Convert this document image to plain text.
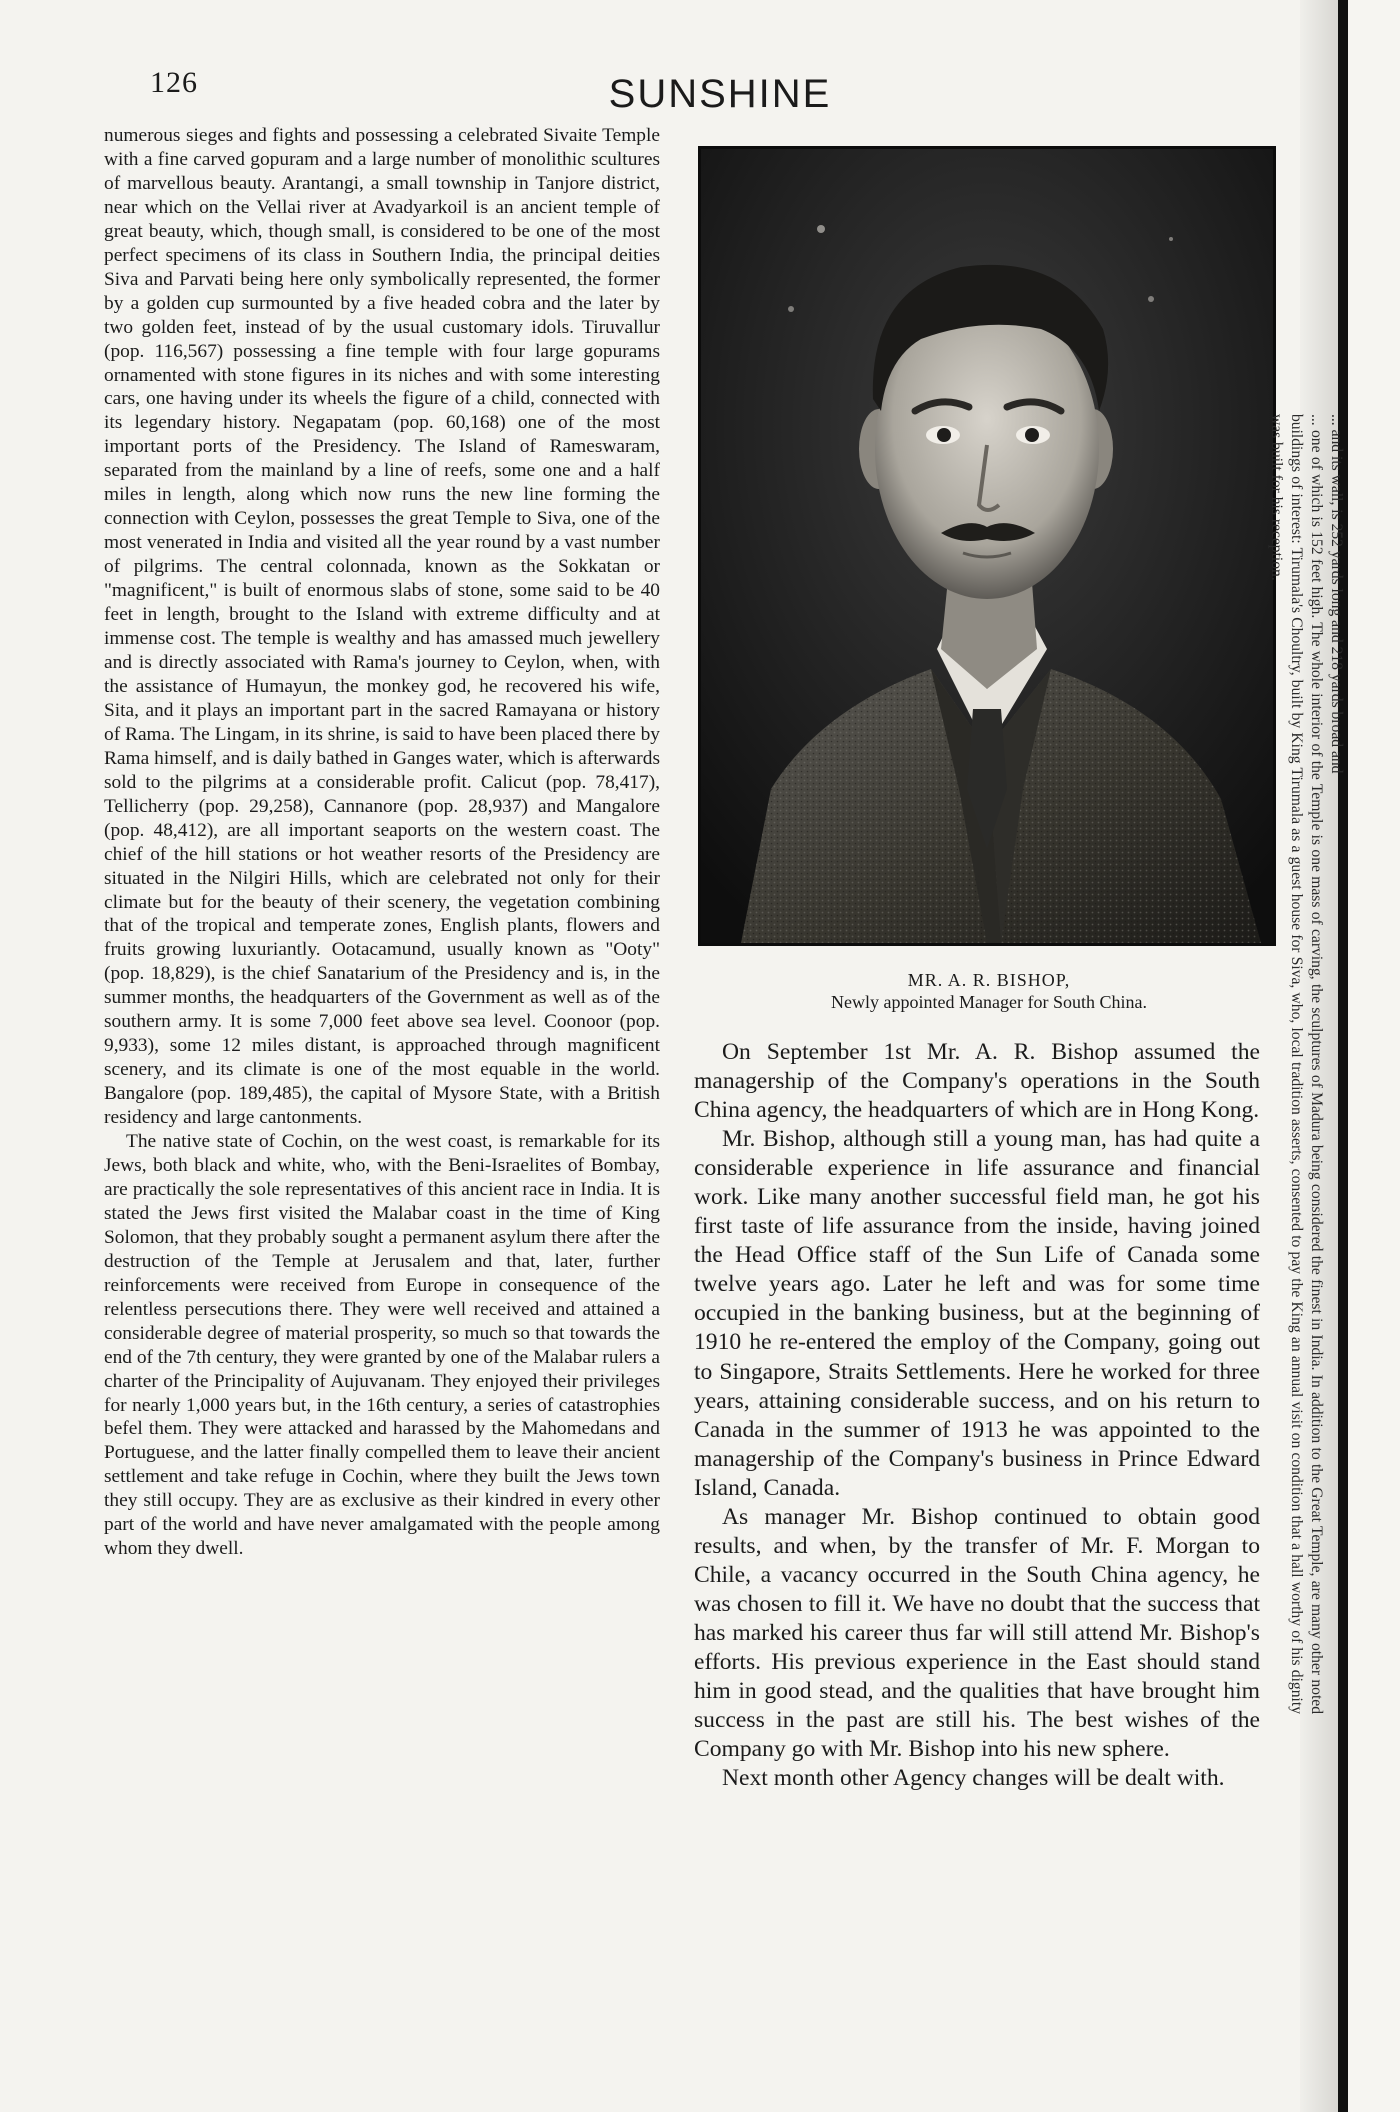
126	SUNSHINE

numerous sieges and fights and possessing a celebrated Sivaite Temple with a fine carved gopuram and a large number of monolithic scultures of marvellous beauty. Arantangi, a small township in Tanjore district, near which on the Vellai river at Avadyarkoil is an ancient temple of great beauty, which, though small, is considered to be one of the most perfect specimens of its class in Southern India, the principal deities Siva and Parvati being here only symbolically represented, the former by a golden cup surmounted by a five headed cobra and the later by two golden feet, instead of by the usual customary idols. Tiruvallur (pop. 116,567) possessing a fine temple with four large gopurams ornamented with stone figures in its niches and with some interesting cars, one having under its wheels the figure of a child, connected with its legendary history. Negapatam (pop. 60,168) one of the most important ports of the Presidency. The Island of Rameswaram, separated from the mainland by a line of reefs, some one and a half miles in length, along which now runs the new line forming the connection with Ceylon, possesses the great Temple to Siva, one of the most venerated in India and visited all the year round by a vast number of pilgrims. The central colonnada, known as the Sokkatan or "magnificent," is built of enormous slabs of stone, some said to be 40 feet in length, brought to the Island with extreme difficulty and at immense cost. The temple is wealthy and has amassed much jewellery and is directly associated with Rama's journey to Ceylon, when, with the assistance of Humayun, the monkey god, he recovered his wife, Sita, and it plays an important part in the sacred Ramayana or history of Rama. The Lingam, in its shrine, is said to have been placed there by Rama himself, and is daily bathed in Ganges water, which is afterwards sold to the pilgrims at a considerable profit. Calicut (pop. 78,417), Tellicherry (pop. 29,258), Cannanore (pop. 28,937) and Mangalore (pop. 48,412), are all important seaports on the western coast. The chief of the hill stations or hot weather resorts of the Presidency are situated in the Nilgiri Hills, which are celebrated not only for their climate but for the beauty of their scenery, the vegetation combining that of the tropical and temperate zones, English plants, flowers and fruits growing luxuriantly. Ootacamund, usually known as "Ooty" (pop. 18,829), is the chief Sanatarium of the Presidency and is, in the summer months, the headquarters of the Government as well as of the southern army. It is some 7,000 feet above sea level. Coonoor (pop. 9,933), some 12 miles distant, is approached through magnificent scenery, and its climate is one of the most equable in the world. Bangalore (pop. 189,485), the capital of Mysore State, with a British residency and large cantonments.

The native state of Cochin, on the west coast, is remarkable for its Jews, both black and white, who, with the Beni-Israelites of Bombay, are practically the sole representatives of this ancient race in India. It is stated the Jews first visited the Malabar coast in the time of King Solomon, that they probably sought a permanent asylum there after the destruction of the Temple at Jerusalem and that, later, further reinforcements were received from Europe in consequence of the relentless persecutions there. They were well received and attained a considerable degree of material prosperity, so much so that towards the end of the 7th century, they were granted by one of the Malabar rulers a charter of the Principality of Aujuvanam. They enjoyed their privileges for nearly 1,000 years but, in the 16th century, a series of catastrophies befel them. They were attacked and harassed by the Mahomedans and Portuguese, and the latter finally compelled them to leave their ancient settlement and take refuge in Cochin, where they built the Jews town they still occupy. They are as exclusive as their kindred in every other part of the world and have never amalgamated with the people among whom they dwell.

MR. A. R. BISHOP,
Newly appointed Manager for South China.

On September 1st Mr. A. R. Bishop assumed the managership of the Company's operations in the South China agency, the headquarters of which are in Hong Kong.

Mr. Bishop, although still a young man, has had quite a considerable experience in life assurance and financial work. Like many another successful field man, he got his first taste of life assurance from the inside, having joined the Head Office staff of the Sun Life of Canada some twelve years ago. Later he left and was for some time occupied in the banking business, but at the beginning of 1910 he re-entered the employ of the Company, going out to Singapore, Straits Settlements. Here he worked for three years, attaining considerable success, and on his return to Canada in the summer of 1913 he was appointed to the managership of the Company's business in Prince Edward Island, Canada.

As manager Mr. Bishop continued to obtain good results, and when, by the transfer of Mr. F. Morgan to Chile, a vacancy occurred in the South China agency, he was chosen to fill it. We have no doubt that the success that has marked his career thus far will still attend Mr. Bishop's efforts. His previous experience in the East should stand him in good stead, and the qualities that have brought him success in the past are still his. The best wishes of the Company go with Mr. Bishop into his new sphere.

Next month other Agency changes will be dealt with.

... and its wall, is 252 yards long and 218 yards broad and
... one of which is 152 feet high. The whole interior of the Temple is one mass of carving, the sculptures of Madura being considered the finest in India. In addition to the Great Temple, are many other noted buildings of interest: Tirumala's Choultry, built by King Tirumala as a guest house for Siva, who, local tradition asserts, consented to pay the King an annual visit on condition that a hall worthy of his dignity was built for his reception.
